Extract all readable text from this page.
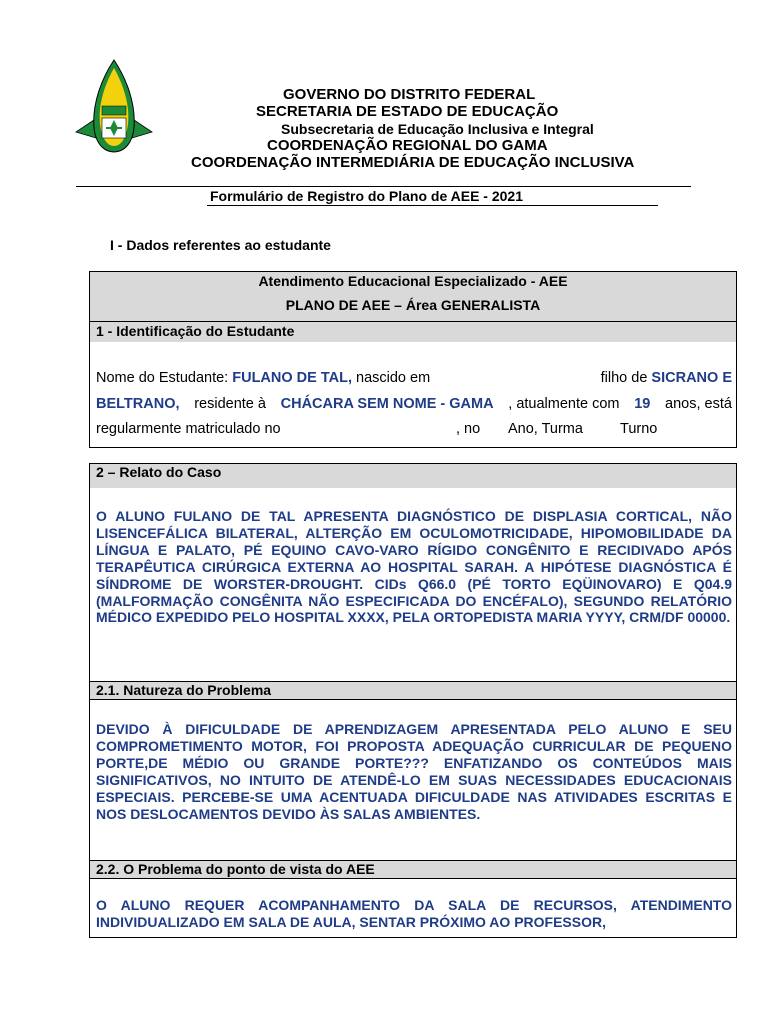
GOVERNO DO DISTRITO FEDERAL
SECRETARIA DE ESTADO DE EDUCAÇÃO
Subsecretaria de Educação Inclusiva e Integral
COORDENAÇÃO REGIONAL DO GAMA
COORDENAÇÃO INTERMEDIÁRIA DE EDUCAÇÃO INCLUSIVA
Formulário de Registro do Plano de AEE - 2021
I - Dados referentes ao estudante
Atendimento Educacional Especializado - AEE
PLANO DE AEE – Área GENERALISTA
1 - Identificação do Estudante
Nome do Estudante: FULANO DE TAL, nascido em	filho de SICRANO E
BELTRANO, residente à CHÁCARA SEM NOME - GAMA , atualmente com 19 anos, está
regularmente matriculado no	, no Ano, Turma	Turno
2 – Relato do Caso
2.1. Natureza do Problema
2.2. O Problema do ponto de vista do AEE
O ALUNO FULANO DE TAL APRESENTA DIAGNÓSTICO DE DISPLASIA CORTICAL, NÃO LISENCEFÁLICA BILATERAL, ALTERÇÃO EM OCULOMOTRICIDADE, HIPOMOBILIDADE DA LÍNGUA E PALATO, PÉ EQUINO CAVO-VARO RÍGIDO CONGÊNITO E RECIDIVADO APÓS TERAPÊUTICA CIRÚRGICA EXTERNA AO HOSPITAL SARAH. A HIPÓTESE DIAGNÓSTICA É SÍNDROME DE WORSTER-DROUGHT. CIDs Q66.0 (PÉ TORTO EQÜINOVARO) E Q04.9 (MALFORMAÇÃO CONGÊNITA NÃO ESPECIFICADA DO ENCÉFALO), SEGUNDO RELATÓRIO MÉDICO EXPEDIDO PELO HOSPITAL XXXX, PELA ORTOPEDISTA MARIA YYYY, CRM/DF 00000.
DEVIDO À DIFICULDADE DE APRENDIZAGEM APRESENTADA PELO ALUNO E SEU COMPROMETIMENTO MOTOR, FOI PROPOSTA ADEQUAÇÃO CURRICULAR DE PEQUENO PORTE,DE MÉDIO OU GRANDE PORTE??? ENFATIZANDO OS CONTEÚDOS MAIS SIGNIFICATIVOS, NO INTUITO DE ATENDÊ-LO EM SUAS NECESSIDADES EDUCACIONAIS ESPECIAIS. PERCEBE-SE UMA ACENTUADA DIFICULDADE NAS ATIVIDADES ESCRITAS E NOS DESLOCAMENTOS DEVIDO ÀS SALAS AMBIENTES.
O ALUNO REQUER ACOMPANHAMENTO DA SALA DE RECURSOS, ATENDIMENTO INDIVIDUALIZADO EM SALA DE AULA, SENTAR PRÓXIMO AO PROFESSOR,
